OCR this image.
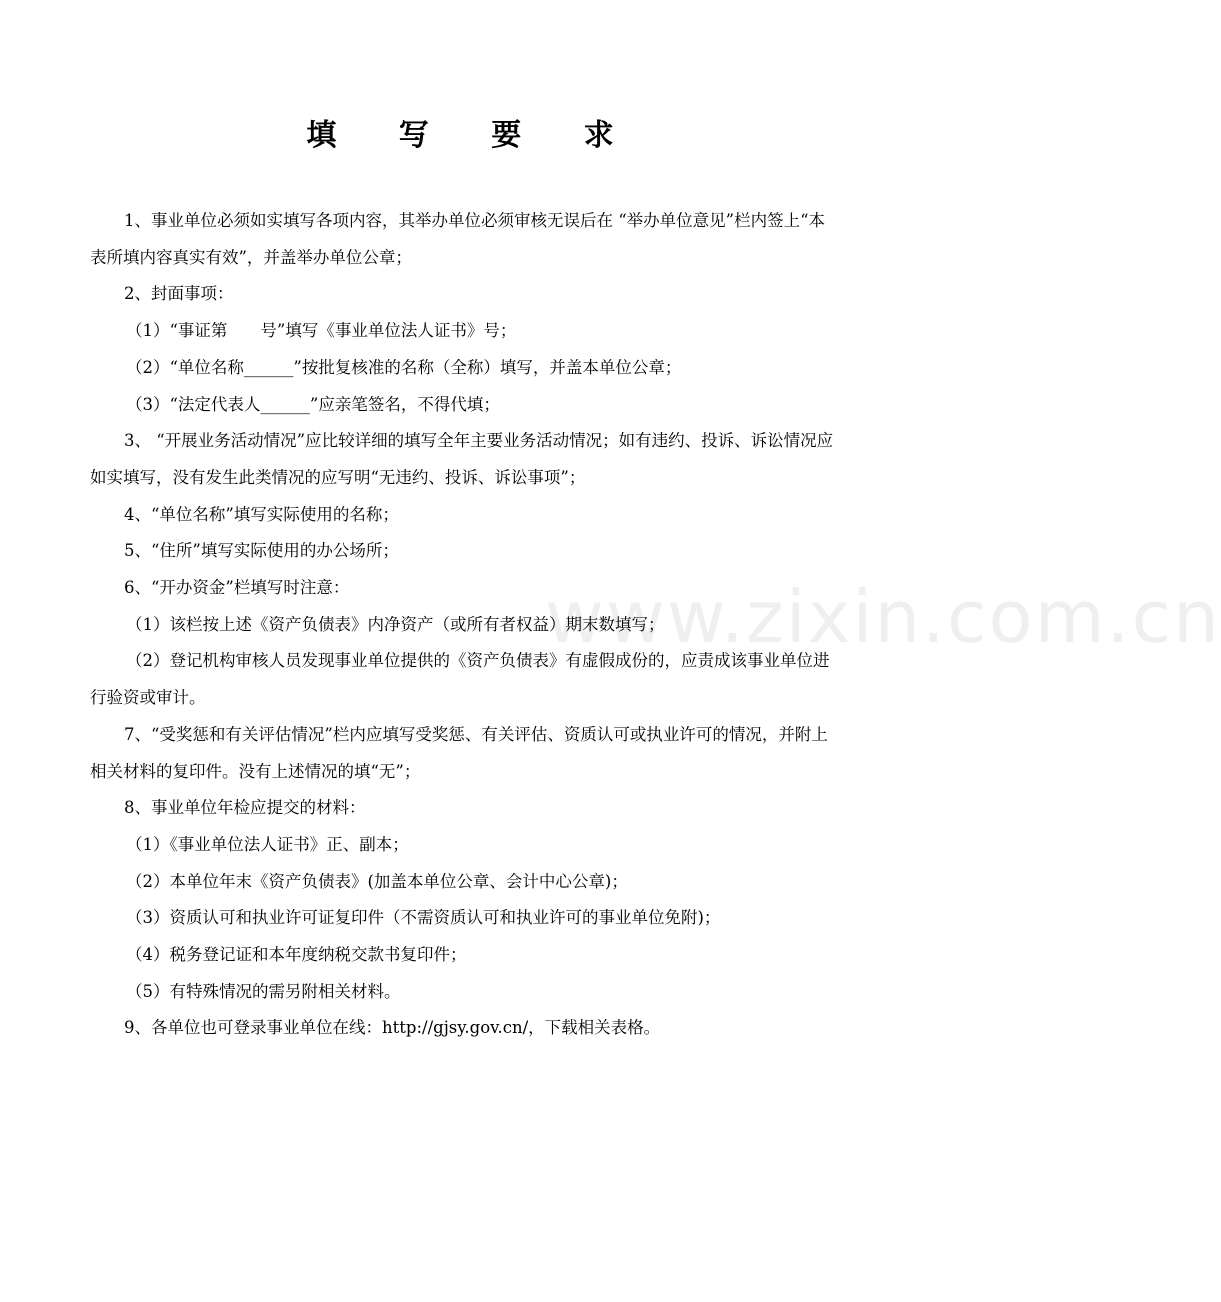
填 写 要 求
www.zixin.com.cn

1、事业单位必须如实填写各项内容，其举办单位必须审核无误后在 “举办单位意见”栏内签上“本表所填内容真实有效”，并盖举办单位公章；

2、封面事项：

（1）“事证第　　号”填写《事业单位法人证书》号；

（2）“单位名称______”按批复核准的名称（全称）填写，并盖本单位公章；

（3）“法定代表人______”应亲笔签名，不得代填；

3、 “开展业务活动情况”应比较详细的填写全年主要业务活动情况；如有违约、投诉、诉讼情况应如实填写，没有发生此类情况的应写明“无违约、投诉、诉讼事项”；

4、“单位名称”填写实际使用的名称；

5、“住所”填写实际使用的办公场所；

6、“开办资金”栏填写时注意：

（1）该栏按上述《资产负债表》内净资产（或所有者权益）期末数填写；

（2）登记机构审核人员发现事业单位提供的《资产负债表》有虚假成份的，应责成该事业单位进行验资或审计。

7、“受奖惩和有关评估情况”栏内应填写受奖惩、有关评估、资质认可或执业许可的情况，并附上相关材料的复印件。没有上述情况的填“无”；

8、事业单位年检应提交的材料：

（1）《事业单位法人证书》正、副本；

（2）本单位年末《资产负债表》(加盖本单位公章、会计中心公章)；

（3）资质认可和执业许可证复印件（不需资质认可和执业许可的事业单位免附)；

（4）税务登记证和本年度纳税交款书复印件；

（5）有特殊情况的需另附相关材料。

9、各单位也可登录事业单位在线：http://gjsy.gov.cn/，下载相关表格。
